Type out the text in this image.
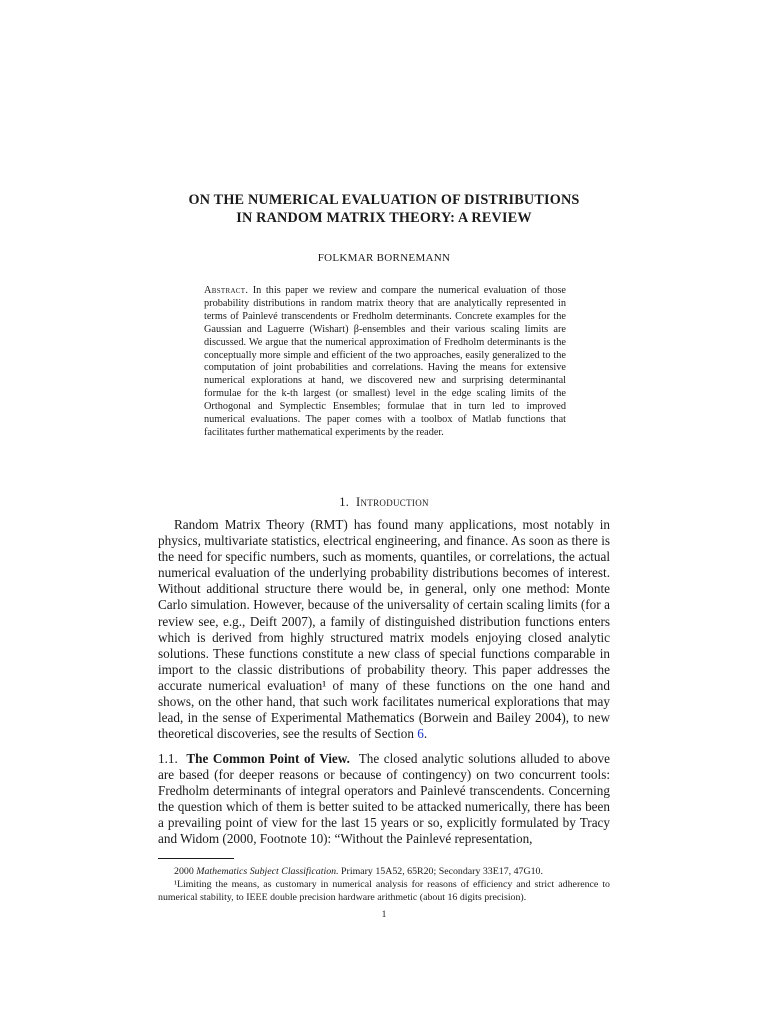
ON THE NUMERICAL EVALUATION OF DISTRIBUTIONS
IN RANDOM MATRIX THEORY: A REVIEW
FOLKMAR BORNEMANN
Abstract. In this paper we review and compare the numerical evaluation of those probability distributions in random matrix theory that are analytically represented in terms of Painlevé transcendents or Fredholm determinants. Concrete examples for the Gaussian and Laguerre (Wishart) β-ensembles and their various scaling limits are discussed. We argue that the numerical approximation of Fredholm determinants is the conceptually more simple and efficient of the two approaches, easily generalized to the computation of joint probabilities and correlations. Having the means for extensive numerical explorations at hand, we discovered new and surprising determinantal formulae for the k-th largest (or smallest) level in the edge scaling limits of the Orthogonal and Symplectic Ensembles; formulae that in turn led to improved numerical evaluations. The paper comes with a toolbox of Matlab functions that facilitates further mathematical experiments by the reader.
1. Introduction
Random Matrix Theory (RMT) has found many applications, most notably in physics, multivariate statistics, electrical engineering, and finance. As soon as there is the need for specific numbers, such as moments, quantiles, or correlations, the actual numerical evaluation of the underlying probability distributions becomes of interest. Without additional structure there would be, in general, only one method: Monte Carlo simulation. However, because of the universality of certain scaling limits (for a review see, e.g., Deift 2007), a family of distinguished distribution functions enters which is derived from highly structured matrix models enjoying closed analytic solutions. These functions constitute a new class of special functions comparable in import to the classic distributions of probability theory. This paper addresses the accurate numerical evaluation¹ of many of these functions on the one hand and shows, on the other hand, that such work facilitates numerical explorations that may lead, in the sense of Experimental Mathematics (Borwein and Bailey 2004), to new theoretical discoveries, see the results of Section 6.
1.1. The Common Point of View. The closed analytic solutions alluded to above are based (for deeper reasons or because of contingency) on two concurrent tools: Fredholm determinants of integral operators and Painlevé transcendents. Concerning the question which of them is better suited to be attacked numerically, there has been a prevailing point of view for the last 15 years or so, explicitly formulated by Tracy and Widom (2000, Footnote 10): “Without the Painlevé representation,
2000 Mathematics Subject Classification. Primary 15A52, 65R20; Secondary 33E17, 47G10.
¹Limiting the means, as customary in numerical analysis for reasons of efficiency and strict adherence to numerical stability, to IEEE double precision hardware arithmetic (about 16 digits precision).
1
